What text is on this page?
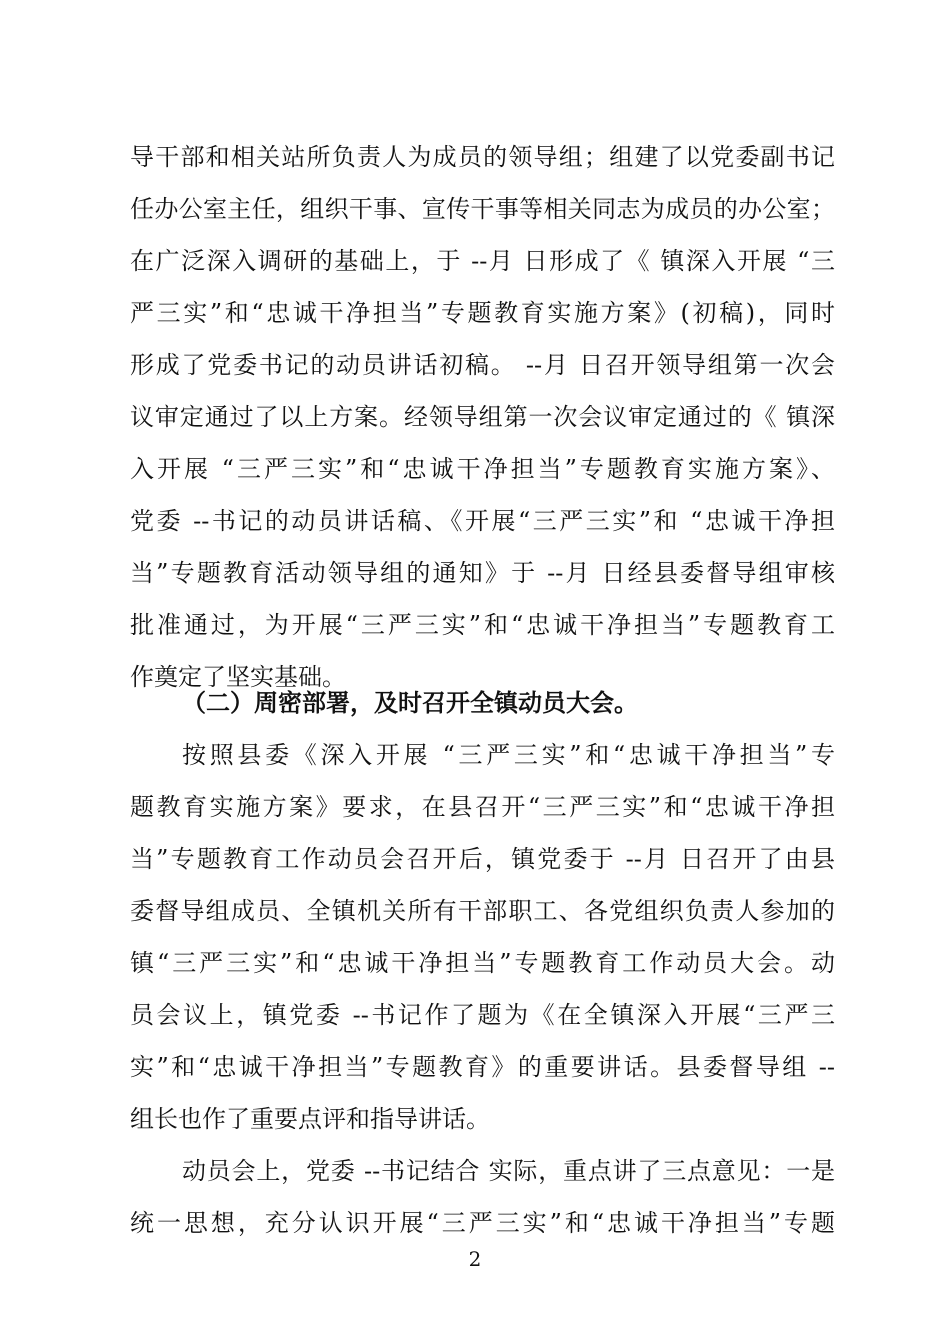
导干部和相关站所负责人为成员的领导组；组建了以党委副书记
任办公室主任，组织干事、宣传干事等相关同志为成员的办公室；
在广泛深入调研的基础上，于 --月 日形成了《 镇深入开展 “三
严三实”和“忠诚干净担当”专题教育实施方案》(初稿)，同时
形成了党委书记的动员讲话初稿。 --月 日召开领导组第一次会
议审定通过了以上方案。经领导组第一次会议审定通过的《 镇深
入开展 “三严三实”和“忠诚干净担当”专题教育实施方案》、
党委 --书记的动员讲话稿、《开展“三严三实”和 “忠诚干净担
当”专题教育活动领导组的通知》于 --月 日经县委督导组审核
批准通过，为开展“三严三实”和“忠诚干净担当”专题教育工
作奠定了坚实基础。
（二）周密部署，及时召开全镇动员大会。
按照县委《深入开展 “三严三实”和“忠诚干净担当”专
题教育实施方案》要求，在县召开“三严三实”和“忠诚干净担
当”专题教育工作动员会召开后，镇党委于 --月 日召开了由县
委督导组成员、全镇机关所有干部职工、各党组织负责人参加的
镇“三严三实”和“忠诚干净担当”专题教育工作动员大会。动
员会议上，镇党委 --书记作了题为《在全镇深入开展“三严三
实”和“忠诚干净担当”专题教育》的重要讲话。县委督导组 --
组长也作了重要点评和指导讲话。
动员会上，党委 --书记结合 实际，重点讲了三点意见：一是
统一思想，充分认识开展“三严三实”和“忠诚干净担当”专题
2
